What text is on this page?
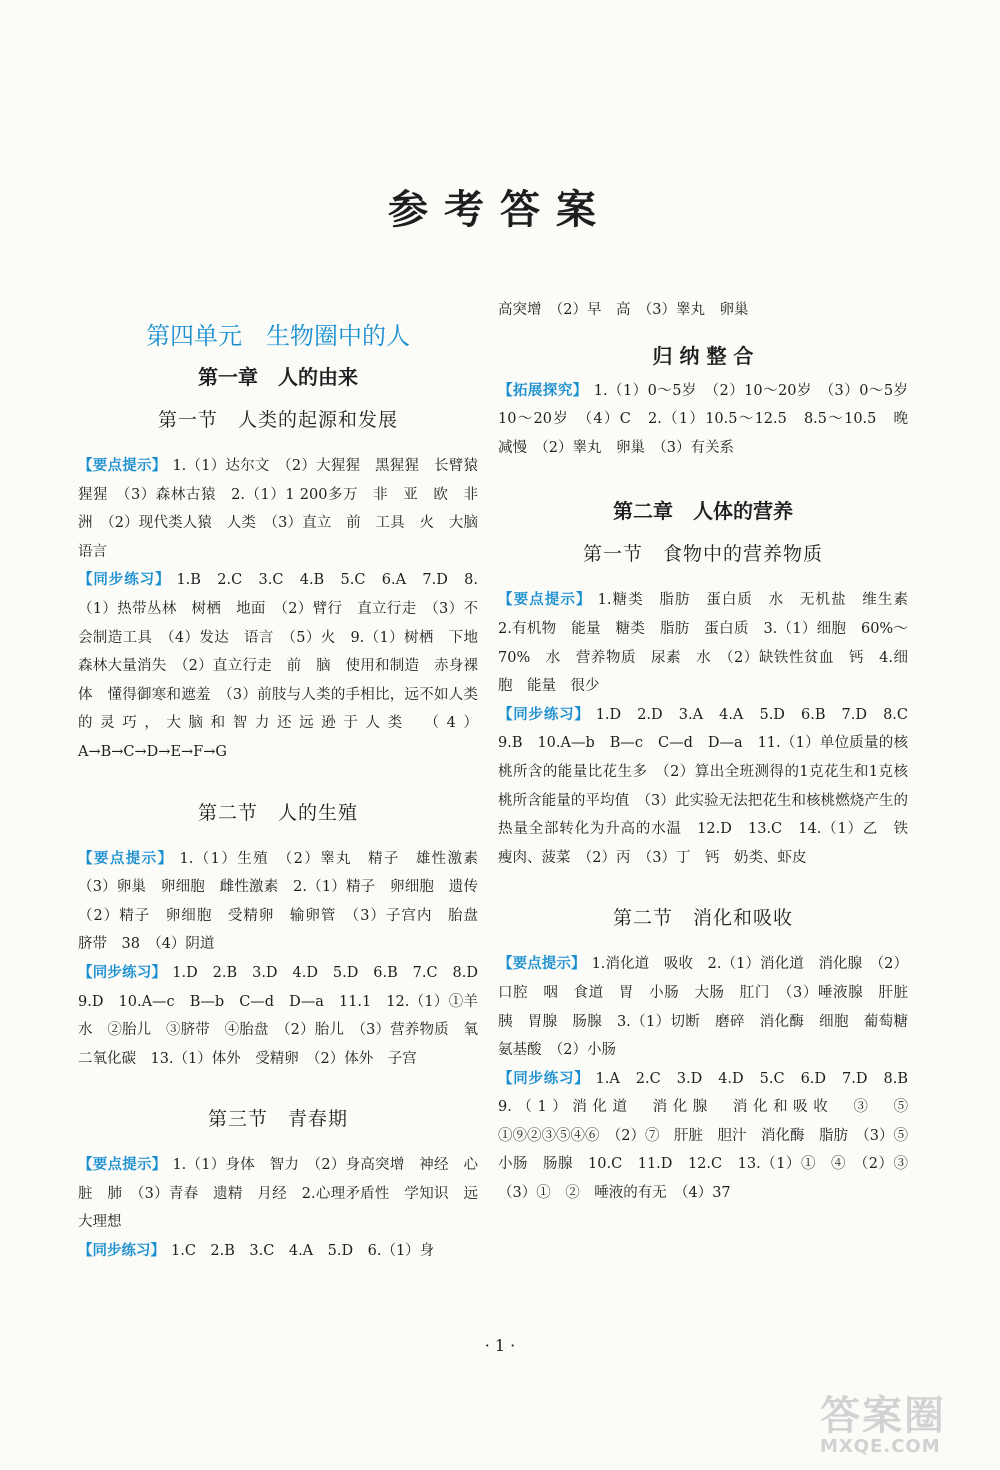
参考答案
第四单元　生物圈中的人
第一章　人的由来
第一节　人类的起源和发展

【要点提示】 1.（1）达尔文　（2）大猩猩　黑猩猩　长臂猿　猩猩　（3）森林古猿　2.（1）1 200多万　非　亚　欧　非洲　（2）现代类人猿　人类　（3）直立　前　工具　火　大脑　语言

【同步练习】 1.B　2.C　3.C　4.B　5.C　6.A　7.D　8.（1）热带丛林　树栖　地面　（2）臂行　直立行走　（3）不会制造工具　（4）发达　语言　（5）火　9.（1）树栖　下地　森林大量消失　（2）直立行走　前　脑　使用和制造　赤身裸体　懂得御寒和遮羞　（3）前肢与人类的手相比，远不如人类的灵巧，大脑和智力还远逊于人类　（4）A→B→C→D→E→F→G

第二节　人的生殖

【要点提示】 1.（1）生殖　（2）睾丸　精子　雄性激素　（3）卵巢　卵细胞　雌性激素　2.（1）精子　卵细胞　遗传　（2）精子　卵细胞　受精卵　输卵管　（3）子宫内　胎盘　脐带　38　（4）阴道

【同步练习】 1.D　2.B　3.D　4.D　5.D　6.B　7.C　8.D　9.D　10.A—c　B—b　C—d　D—a　11.1　12.（1）①羊水　②胎儿　③脐带　④胎盘　（2）胎儿　（3）营养物质　氧　二氧化碳　13.（1）体外　受精卵　（2）体外　子宫

第三节　青春期

【要点提示】 1.（1）身体　智力　（2）身高突增　神经　心脏　肺　（3）青春　遗精　月经　2.心理矛盾性　学知识　远大理想

【同步练习】 1.C　2.B　3.C　4.A　5.D　6.（1）身

高突增　（2）早　高　（3）睾丸　卵巢

归 纳 整 合

【拓展探究】 1.（1）0～5岁　（2）10～20岁　（3）0～5岁　10～20岁　（4）C　2.（1）10.5～12.5　8.5～10.5　晚　减慢　（2）睾丸　卵巢　（3）有关系

第二章　人体的营养
第一节　食物中的营养物质

【要点提示】 1.糖类　脂肪　蛋白质　水　无机盐　维生素　2.有机物　能量　糖类　脂肪　蛋白质　3.（1）细胞　60%～70%　水　营养物质　尿素　水　（2）缺铁性贫血　钙　4.细胞　能量　很少

【同步练习】 1.D　2.D　3.A　4.A　5.D　6.B　7.D　8.C　9.B　10.A—b　B—c　C—d　D—a　11.（1）单位质量的核桃所含的能量比花生多　（2）算出全班测得的1克花生和1克核桃所含能量的平均值　（3）此实验无法把花生和核桃燃烧产生的热量全部转化为升高的水温　12.D　13.C　14.（1）乙　铁　瘦肉、菠菜　（2）丙　（3）丁　钙　奶类、虾皮

第二节　消化和吸收

【要点提示】 1.消化道　吸收　2.（1）消化道　消化腺　（2）口腔　咽　食道　胃　小肠　大肠　肛门　（3）唾液腺　肝脏　胰　胃腺　肠腺　3.（1）切断　磨碎　消化酶　细胞　葡萄糖　氨基酸　（2）小肠

【同步练习】 1.A　2.C　3.D　4.D　5.C　6.D　7.D　8.B　9.（1）消化道　消化腺　消化和吸收　③　⑤　①⑨②③⑤④⑥　（2）⑦　肝脏　胆汁　消化酶　脂肪　（3）⑤　小肠　肠腺　10.C　11.D　12.C　13.（1）①　④　（2）③　（3）①　②　唾液的有无　（4）37

· 1 ·
答案圈
MXQE.COM
